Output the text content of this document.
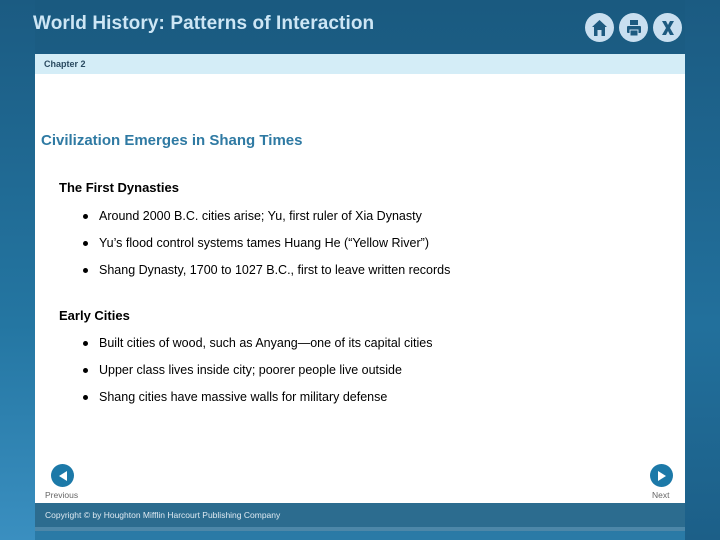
World History: Patterns of Interaction
Chapter 2
Civilization Emerges in Shang Times
The First Dynasties
Around 2000 B.C. cities arise; Yu, first ruler of Xia Dynasty
Yu’s flood control systems tames Huang He (“Yellow River”)
Shang Dynasty, 1700 to 1027 B.C., first to leave written records
Early Cities
Built cities of wood, such as Anyang—one of its capital cities
Upper class lives inside city; poorer people live outside
Shang cities have massive walls for military defense
Previous	Next
Copyright © by Houghton Mifflin Harcourt Publishing Company
